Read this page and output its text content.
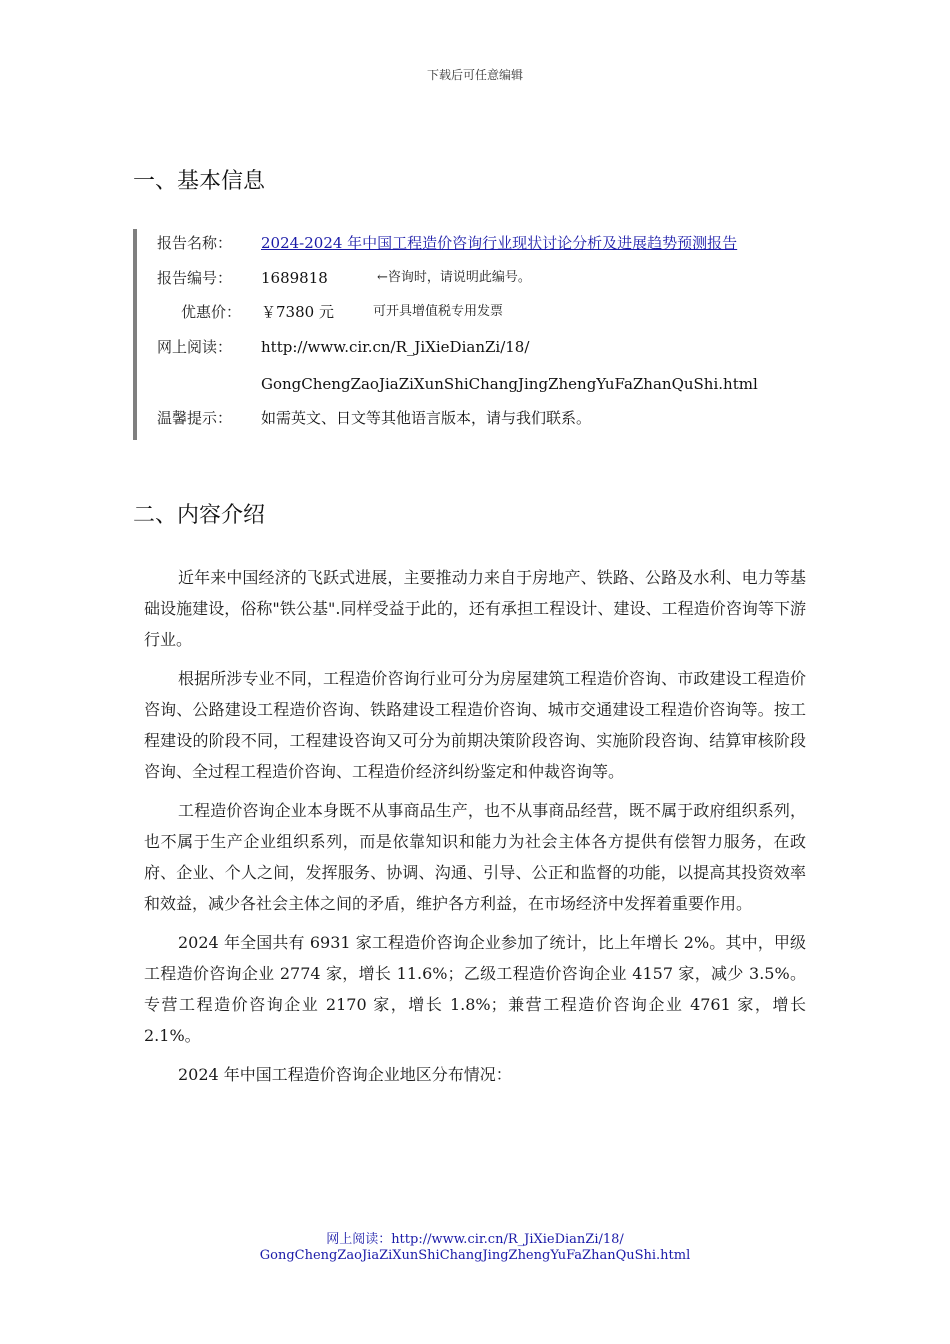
下载后可任意编辑
一、基本信息
报告名称：	2024-2024 年中国工程造价咨询行业现状讨论分析及进展趋势预测报告
报告编号：	1689818	←咨询时，请说明此编号。
优惠价： ￥7380 元	可开具增值税专用发票
网上阅读：	http://www.cir.cn/R_JiXieDianZi/18/
GongChengZaoJiaZiXunShiChangJingZhengYuFaZhanQuShi.html
温馨提示：	如需英文、日文等其他语言版本，请与我们联系。
二、内容介绍

近年来中国经济的飞跃式进展，主要推动力来自于房地产、铁路、公路及水利、电力等基础设施建设，俗称"铁公基".同样受益于此的，还有承担工程设计、建设、工程造价咨询等下游行业。

根据所涉专业不同，工程造价咨询行业可分为房屋建筑工程造价咨询、市政建设工程造价咨询、公路建设工程造价咨询、铁路建设工程造价咨询、城市交通建设工程造价咨询等。按工程建设的阶段不同，工程建设咨询又可分为前期决策阶段咨询、实施阶段咨询、结算审核阶段咨询、全过程工程造价咨询、工程造价经济纠纷鉴定和仲裁咨询等。

工程造价咨询企业本身既不从事商品生产，也不从事商品经营，既不属于政府组织系列，也不属于生产企业组织系列，而是依靠知识和能力为社会主体各方提供有偿智力服务，在政府、企业、个人之间，发挥服务、协调、沟通、引导、公正和监督的功能，以提高其投资效率和效益，减少各社会主体之间的矛盾，维护各方利益，在市场经济中发挥着重要作用。

2024 年全国共有 6931 家工程造价咨询企业参加了统计，比上年增长 2%。其中，甲级工程造价咨询企业 2774 家，增长 11.6%；乙级工程造价咨询企业 4157 家，减少 3.5%。专营工程造价咨询企业 2170 家，增长 1.8%；兼营工程造价咨询企业 4761 家，增长 2.1%。

2024 年中国工程造价咨询企业地区分布情况：

网上阅读：http://www.cir.cn/R_JiXieDianZi/18/
GongChengZaoJiaZiXunShiChangJingZhengYuFaZhanQuShi.html
